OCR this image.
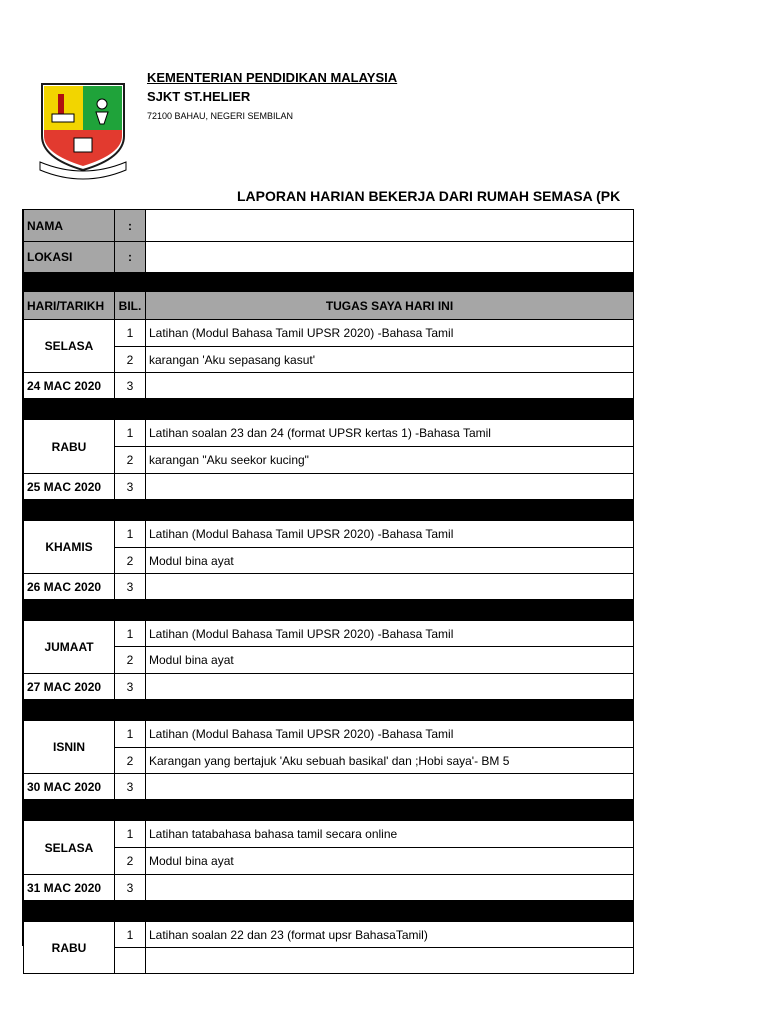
KEMENTERIAN PENDIDIKAN MALAYSIA
SJKT ST.HELIER
72100 BAHAU, NEGERI SEMBILAN
LAPORAN HARIAN BEKERJA DARI RUMAH SEMASA (PK
NAMA	:	
LOKASI	:	

HARI/TARIKH	BIL.	TUGAS SAYA HARI INI
SELASA	1	Latihan (Modul Bahasa Tamil UPSR 2020) -Bahasa Tamil
	2	karangan 'Aku sepasang kasut'
24 MAC 2020	3	

RABU	1	Latihan soalan 23 dan 24 (format UPSR kertas 1) -Bahasa Tamil
	2	karangan "Aku seekor kucing"
25 MAC 2020	3	

KHAMIS	1	Latihan (Modul Bahasa Tamil UPSR 2020) -Bahasa Tamil
	2	Modul bina ayat
26 MAC 2020	3	

JUMAAT	1	Latihan (Modul Bahasa Tamil UPSR 2020) -Bahasa Tamil
	2	Modul bina ayat
27 MAC 2020	3	

ISNIN	1	Latihan (Modul Bahasa Tamil UPSR 2020) -Bahasa Tamil
	2	Karangan yang bertajuk 'Aku sebuah basikal' dan ;Hobi saya'- BM 5
30 MAC 2020	3	

SELASA	1	Latihan tatabahasa bahasa tamil secara online
	2	Modul bina ayat
31 MAC 2020	3	

RABU	1	Latihan soalan 22 dan 23 (format upsr BahasaTamil)
